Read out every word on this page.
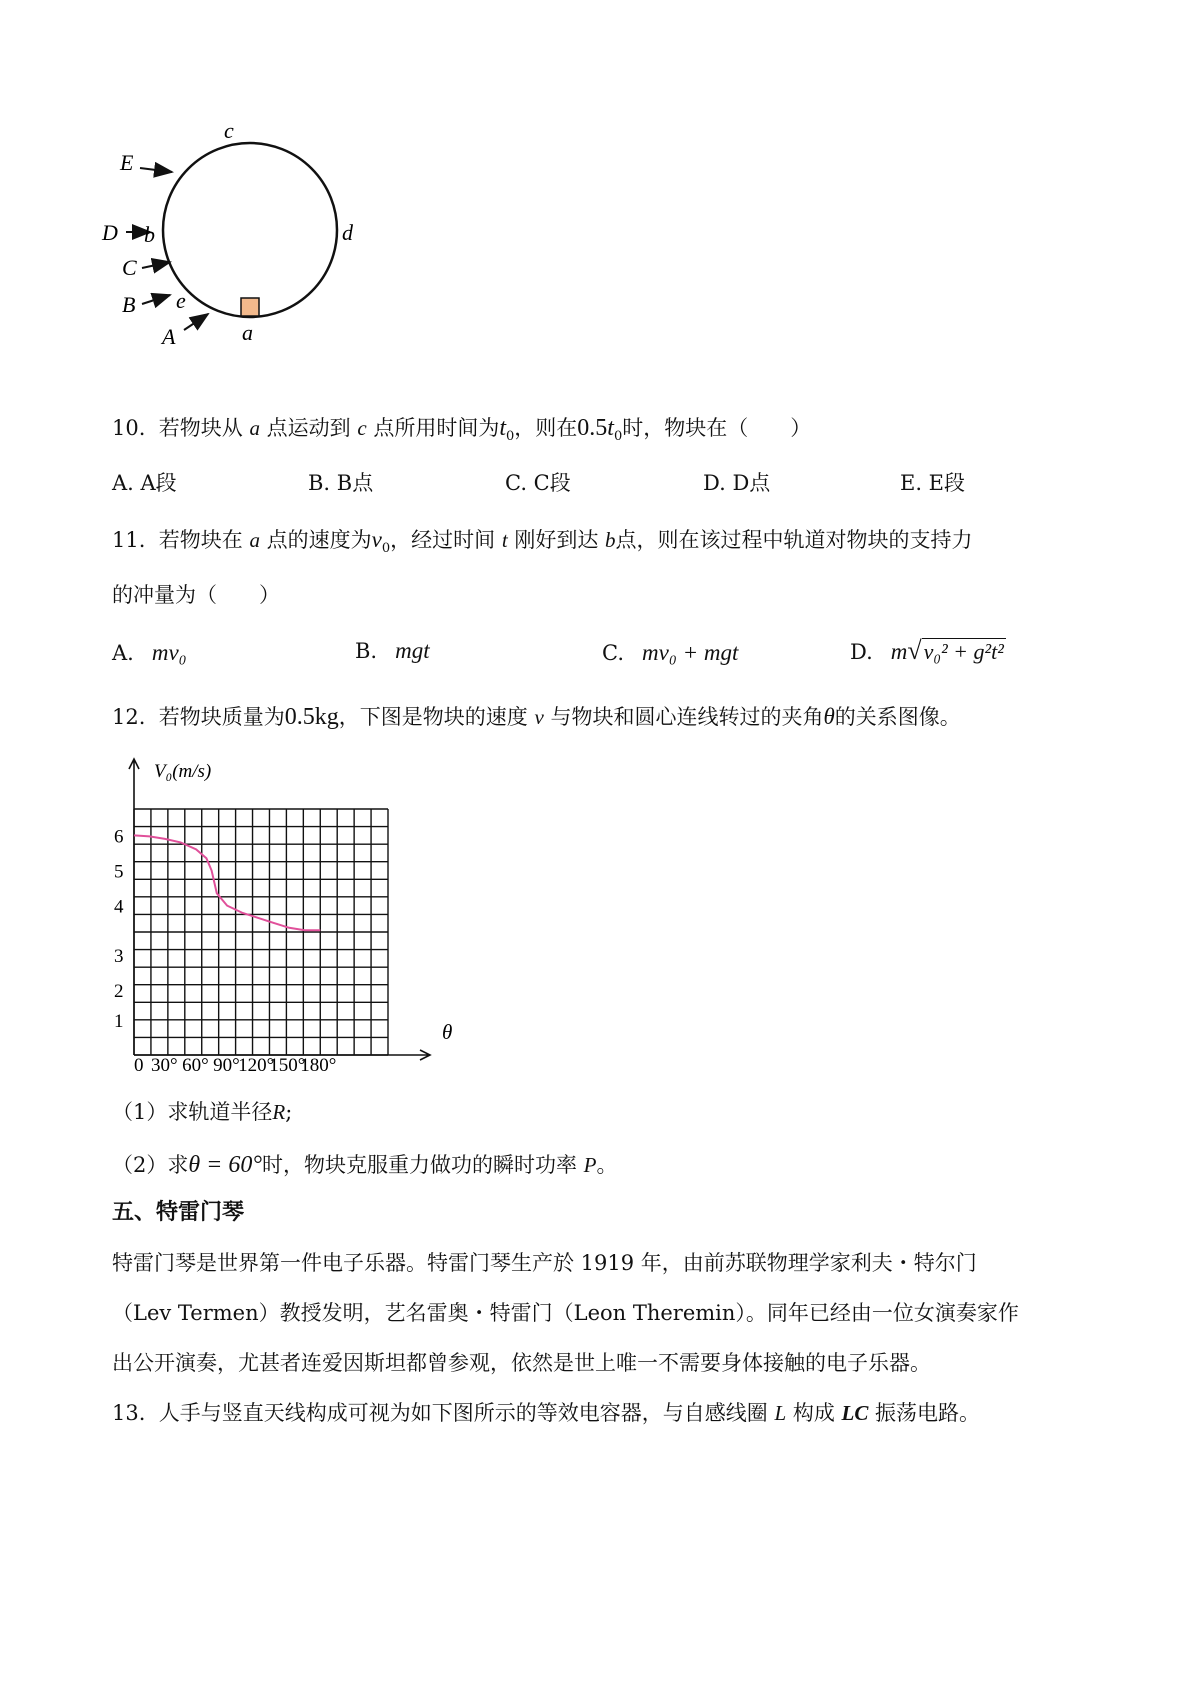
c
d
b
e
a
E
D
C
B
A
10. 若物块从 a 点运动到 c 点所用时间为$t_0$，则在$0.5t_0$时，物块在（　　）
A. A段	B. B点	C. C段	D. D点	E. E段
11. 若物块在 a 点的速度为$v_0$，经过时间 t 刚好到达 b点，则在该过程中轨道对物块的支持力
的冲量为（　　）
A. mv₀	B. mgt	C. mv₀ + mgt	D. m√v₀² + g²t²
12. 若物块质量为0.5kg，下图是物块的速度 v 与物块和圆心连线转过的夹角θ的关系图像。
V₀(m/s)
θ
0
1
2
3
4
5
6
30° 60° 90°
120°
150°
180°
（1）求轨道半径R;
（2）求θ = 60°时，物块克服重力做功的瞬时功率 P。
五、特雷门琴
特雷门琴是世界第一件电子乐器。特雷门琴生产於 1919 年，由前苏联物理学家利夫・特尔门
（Lev Termen）教授发明，艺名雷奥・特雷门（Leon Theremin）。同年已经由一位女演奏家作
出公开演奏，尤甚者连爱因斯坦都曾参观，依然是世上唯一不需要身体接触的电子乐器。
13. 人手与竖直天线构成可视为如下图所示的等效电容器，与自感线圈 L 构成 LC 振荡电路。
